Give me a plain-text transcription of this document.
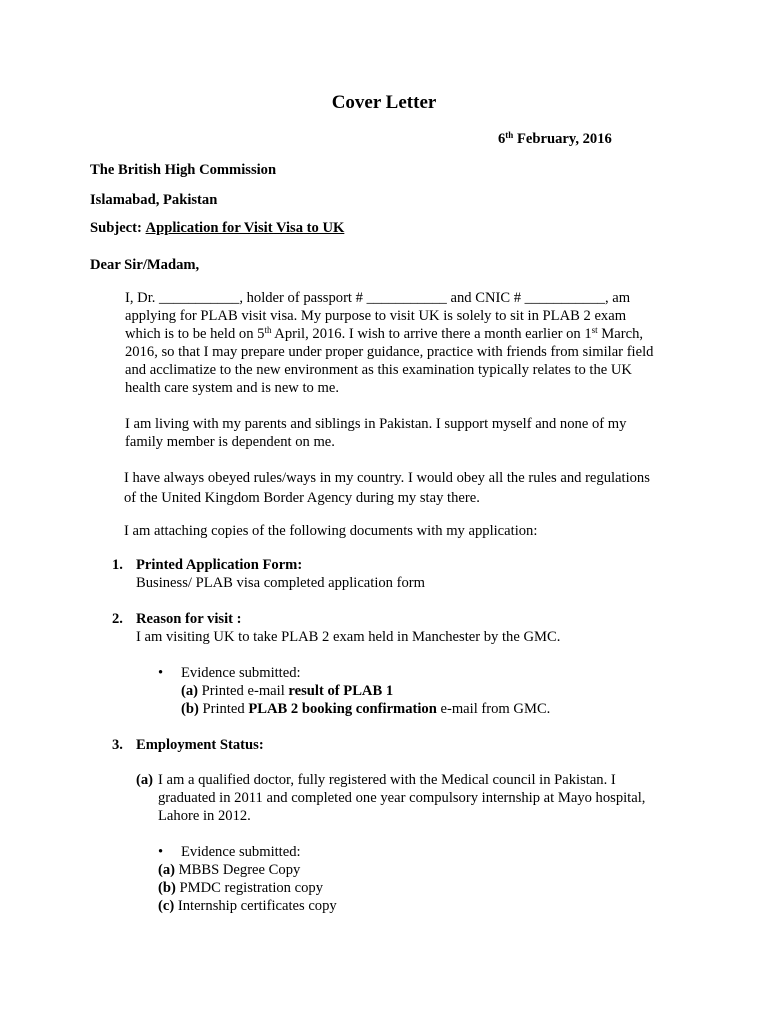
Cover Letter
6th February, 2016
The British High Commission
Islamabad, Pakistan
Subject: Application for Visit Visa to UK
Dear Sir/Madam,
I, Dr. ___________, holder of passport # ___________ and CNIC # ___________, am
applying for PLAB visit visa. My purpose to visit UK is solely to sit in PLAB 2 exam
which is to be held on 5th April, 2016. I wish to arrive there a month earlier on 1st March,
2016, so that I may prepare under proper guidance, practice with friends from similar field
and acclimatize to the new environment as this examination typically relates to the UK
health care system and is new to me.
I am living with my parents and siblings in Pakistan. I support myself and none of my
family member is dependent on me.
I have always obeyed rules/ways in my country. I would obey all the rules and regulations
of the United Kingdom Border Agency during my stay there.
I am attaching copies of the following documents with my application:
1. Printed Application Form:
Business/ PLAB visa completed application form
2. Reason for visit :
I am visiting UK to take PLAB 2 exam held in Manchester by the GMC.
• Evidence submitted:
(a) Printed e-mail result of PLAB 1
(b) Printed PLAB 2 booking confirmation e-mail from GMC.
3. Employment Status:
(a) I am a qualified doctor, fully registered with the Medical council in Pakistan. I
graduated in 2011 and completed one year compulsory internship at Mayo hospital,
Lahore in 2012.
• Evidence submitted:
(a) MBBS Degree Copy
(b) PMDC registration copy
(c) Internship certificates copy
